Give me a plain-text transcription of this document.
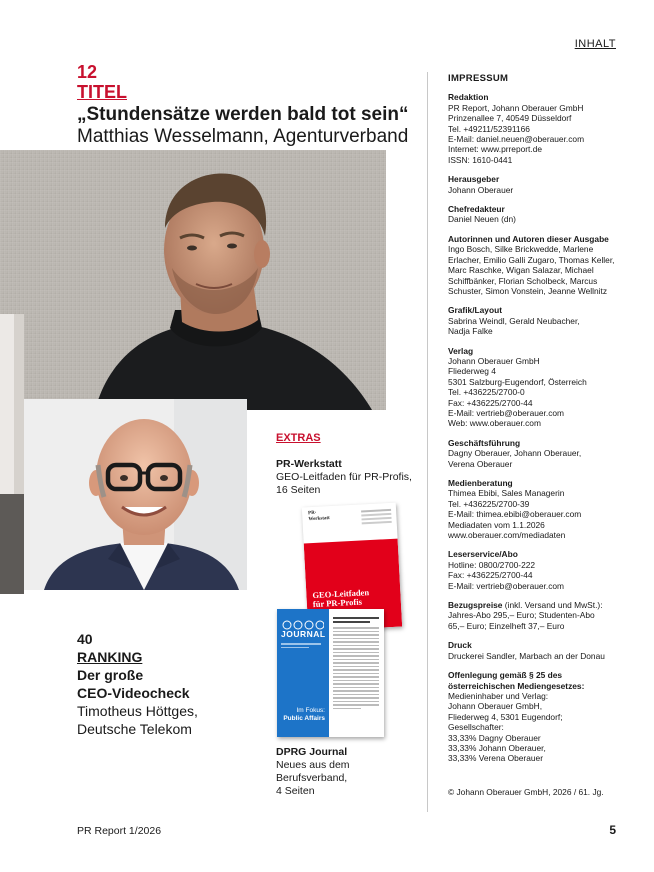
INHALT
12
TITEL
„Stundensätze werden bald tot sein“
Matthias Wesselmann, Agenturverband
40
RANKING
Der große
CEO-Videocheck
Timotheus Höttges,
Deutsche Telekom
EXTRAS
PR-Werkstatt
GEO-Leitfaden für PR-Profis,
16 Seiten
PR·
Werkstatt
GEO-Leitfaden
für PR-Profis
JOURNAL
Im Fokus:
Public Affairs
DPRG Journal
Neues aus dem
Berufsverband,
4 Seiten
IMPRESSUM
Redaktion
PR Report, Johann Oberauer GmbH
Prinzenallee 7, 40549 Düsseldorf
Tel. +49211/52391166
E-Mail: daniel.neuen@oberauer.com
Internet: www.prreport.de
ISSN: 1610-0441
Herausgeber
Johann Oberauer
Chefredakteur
Daniel Neuen (dn)
Autorinnen und Autoren dieser Ausgabe
Ingo Bosch, Silke Brickwedde, Marlene
Erlacher, Emilio Galli Zugaro, Thomas Keller,
Marc Raschke, Wigan Salazar, Michael
Schiffbänker, Florian Scholbeck, Marcus
Schuster, Simon Vonstein, Jeanne Wellnitz
Grafik/Layout
Sabrina Weindl, Gerald Neubacher,
Nadja Falke
Verlag
Johann Oberauer GmbH
Fliederweg 4
5301 Salzburg-Eugendorf, Österreich
Tel. +436225/2700-0
Fax: +436225/2700-44
E-Mail: vertrieb@oberauer.com
Web: www.oberauer.com
Geschäftsführung
Dagny Oberauer, Johann Oberauer,
Verena Oberauer
Medienberatung
Thimea Ebibi, Sales Managerin
Tel. +436225/2700-39
E-Mail: thimea.ebibi@oberauer.com
Mediadaten vom 1.1.2026
www.oberauer.com/mediadaten
Leserservice/Abo
Hotline: 0800/2700-222
Fax: +436225/2700-44
E-Mail: vertrieb@oberauer.com
Bezugspreise (inkl. Versand und MwSt.):
Jahres-Abo 295,– Euro; Studenten-Abo
65,– Euro; Einzelheft 37,– Euro
Druck
Druckerei Sandler, Marbach an der Donau
Offenlegung gemäß § 25 des
österreichischen Mediengesetzes:
Medieninhaber und Verlag:
Johann Oberauer GmbH,
Fliederweg 4, 5301 Eugendorf;
Gesellschafter:
33,33% Dagny Oberauer
33,33% Johann Oberauer,
33,33% Verena Oberauer
© Johann Oberauer GmbH, 2026 / 61. Jg.
PR Report 1/2026	5
